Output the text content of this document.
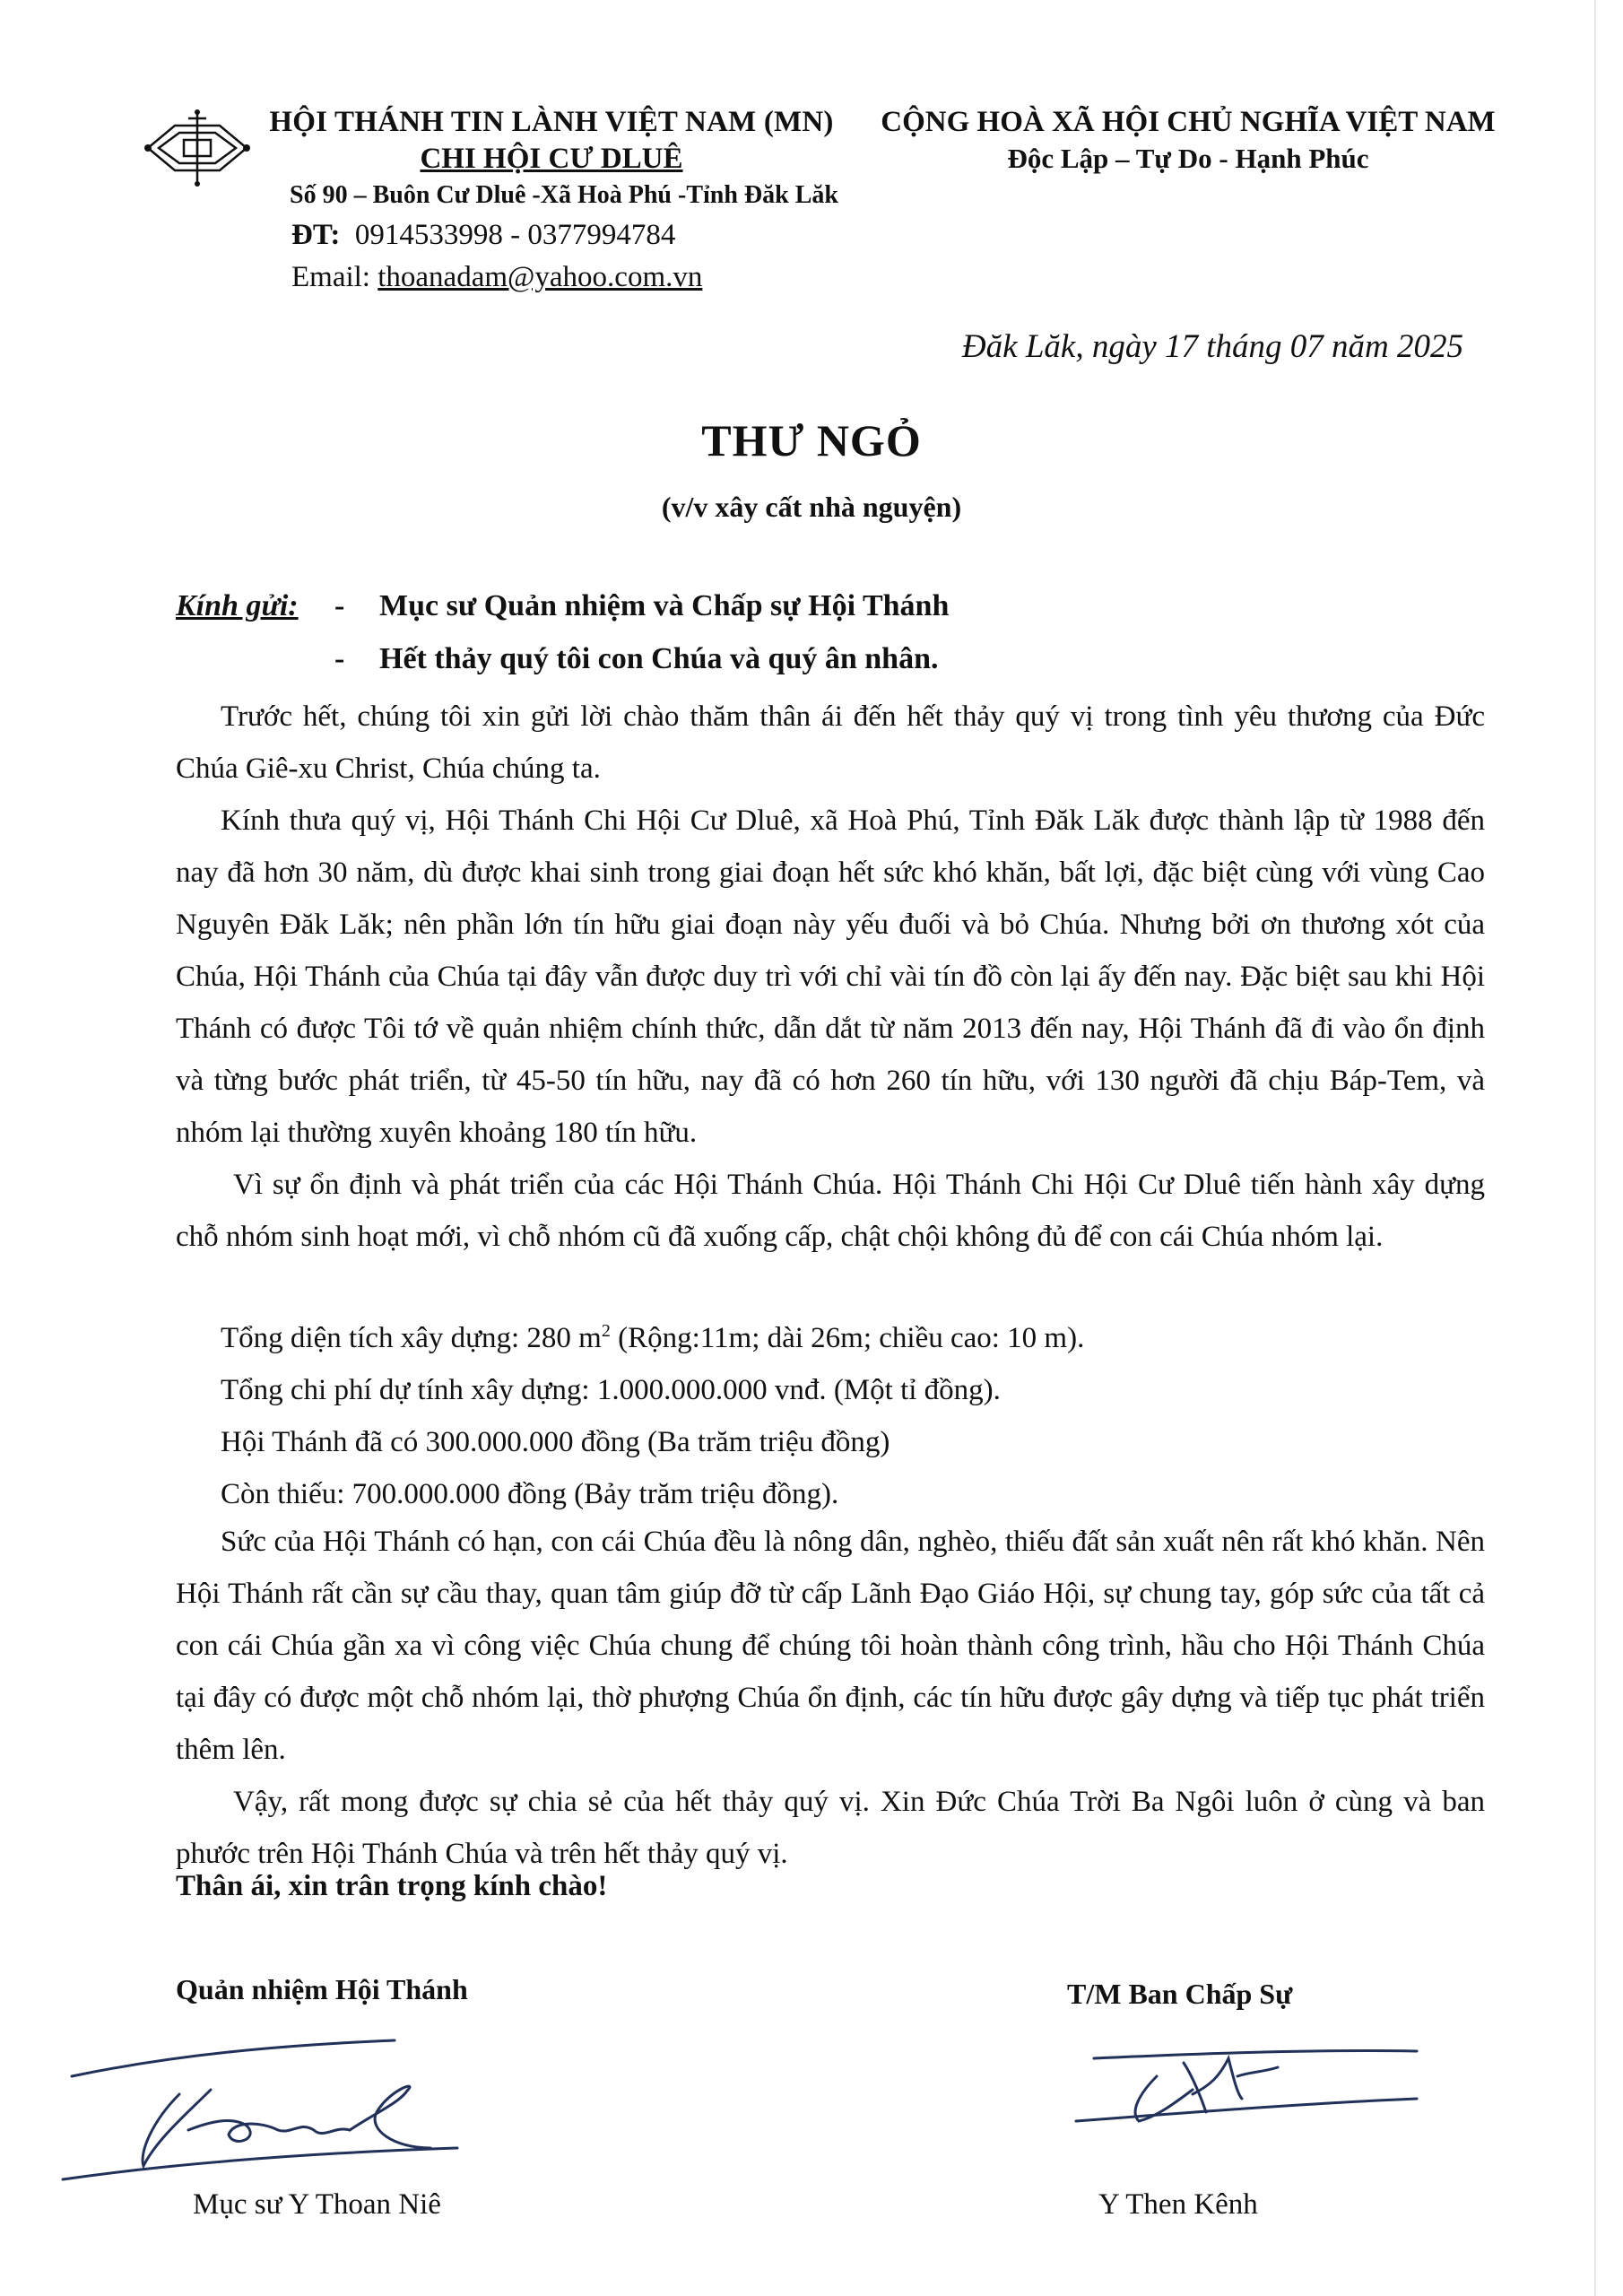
HỘI THÁNH TIN LÀNH VIỆT NAM (MN)
CHI HỘI CƯ DLUÊ
Số 90 – Buôn Cư Dluê -Xã Hoà Phú -Tỉnh Đăk Lăk
ĐT: 0914533998 - 0377994784
Email: thoanadam@yahoo.com.vn
CỘNG HOÀ XÃ HỘI CHỦ NGHĨA VIỆT NAM
Độc Lập – Tự Do - Hạnh Phúc
Đăk Lăk, ngày 17 tháng 07 năm 2025
THƯ NGỎ
(v/v xây cất nhà nguyện)
Kính gửi: - Mục sư Quản nhiệm và Chấp sự Hội Thánh
- Hết thảy quý tôi con Chúa và quý ân nhân.

Trước hết, chúng tôi xin gửi lời chào thăm thân ái đến hết thảy quý vị trong tình yêu thương của Đức Chúa Giê-xu Christ, Chúa chúng ta.

Kính thưa quý vị, Hội Thánh Chi Hội Cư Dluê, xã Hoà Phú, Tỉnh Đăk Lăk được thành lập từ 1988 đến nay đã hơn 30 năm, dù được khai sinh trong giai đoạn hết sức khó khăn, bất lợi, đặc biệt cùng với vùng Cao Nguyên Đăk Lăk; nên phần lớn tín hữu giai đoạn này yếu đuối và bỏ Chúa. Nhưng bởi ơn thương xót của Chúa, Hội Thánh của Chúa tại đây vẫn được duy trì với chỉ vài tín đồ còn lại ấy đến nay. Đặc biệt sau khi Hội Thánh có được Tôi tớ về quản nhiệm chính thức, dẫn dắt từ năm 2013 đến nay, Hội Thánh đã đi vào ổn định và từng bước phát triển, từ 45-50 tín hữu, nay đã có hơn 260 tín hữu, với 130 người đã chịu Báp-Tem, và nhóm lại thường xuyên khoảng 180 tín hữu.

Vì sự ổn định và phát triển của các Hội Thánh Chúa. Hội Thánh Chi Hội Cư Dluê tiến hành xây dựng chỗ nhóm sinh hoạt mới, vì chỗ nhóm cũ đã xuống cấp, chật chội không đủ để con cái Chúa nhóm lại.

Tổng diện tích xây dựng: 280 $m^2$ (Rộng:11m; dài 26m; chiều cao: 10 m).
Tổng chi phí dự tính xây dựng: 1.000.000.000 vnđ. (Một tỉ đồng).
Hội Thánh đã có 300.000.000 đồng (Ba trăm triệu đồng)
Còn thiếu: 700.000.000 đồng (Bảy trăm triệu đồng).

Sức của Hội Thánh có hạn, con cái Chúa đều là nông dân, nghèo, thiếu đất sản xuất nên rất khó khăn. Nên Hội Thánh rất cần sự cầu thay, quan tâm giúp đỡ từ cấp Lãnh Đạo Giáo Hội, sự chung tay, góp sức của tất cả con cái Chúa gần xa vì công việc Chúa chung để chúng tôi hoàn thành công trình, hầu cho Hội Thánh Chúa tại đây có được một chỗ nhóm lại, thờ phượng Chúa ổn định, các tín hữu được gây dựng và tiếp tục phát triển thêm lên.

Vậy, rất mong được sự chia sẻ của hết thảy quý vị. Xin Đức Chúa Trời Ba Ngôi luôn ở cùng và ban phước trên Hội Thánh Chúa và trên hết thảy quý vị.

Thân ái, xin trân trọng kính chào!
Quản nhiệm Hội Thánh	T/M Ban Chấp Sự
Mục sư Y Thoan Niê	Y Then Kênh
